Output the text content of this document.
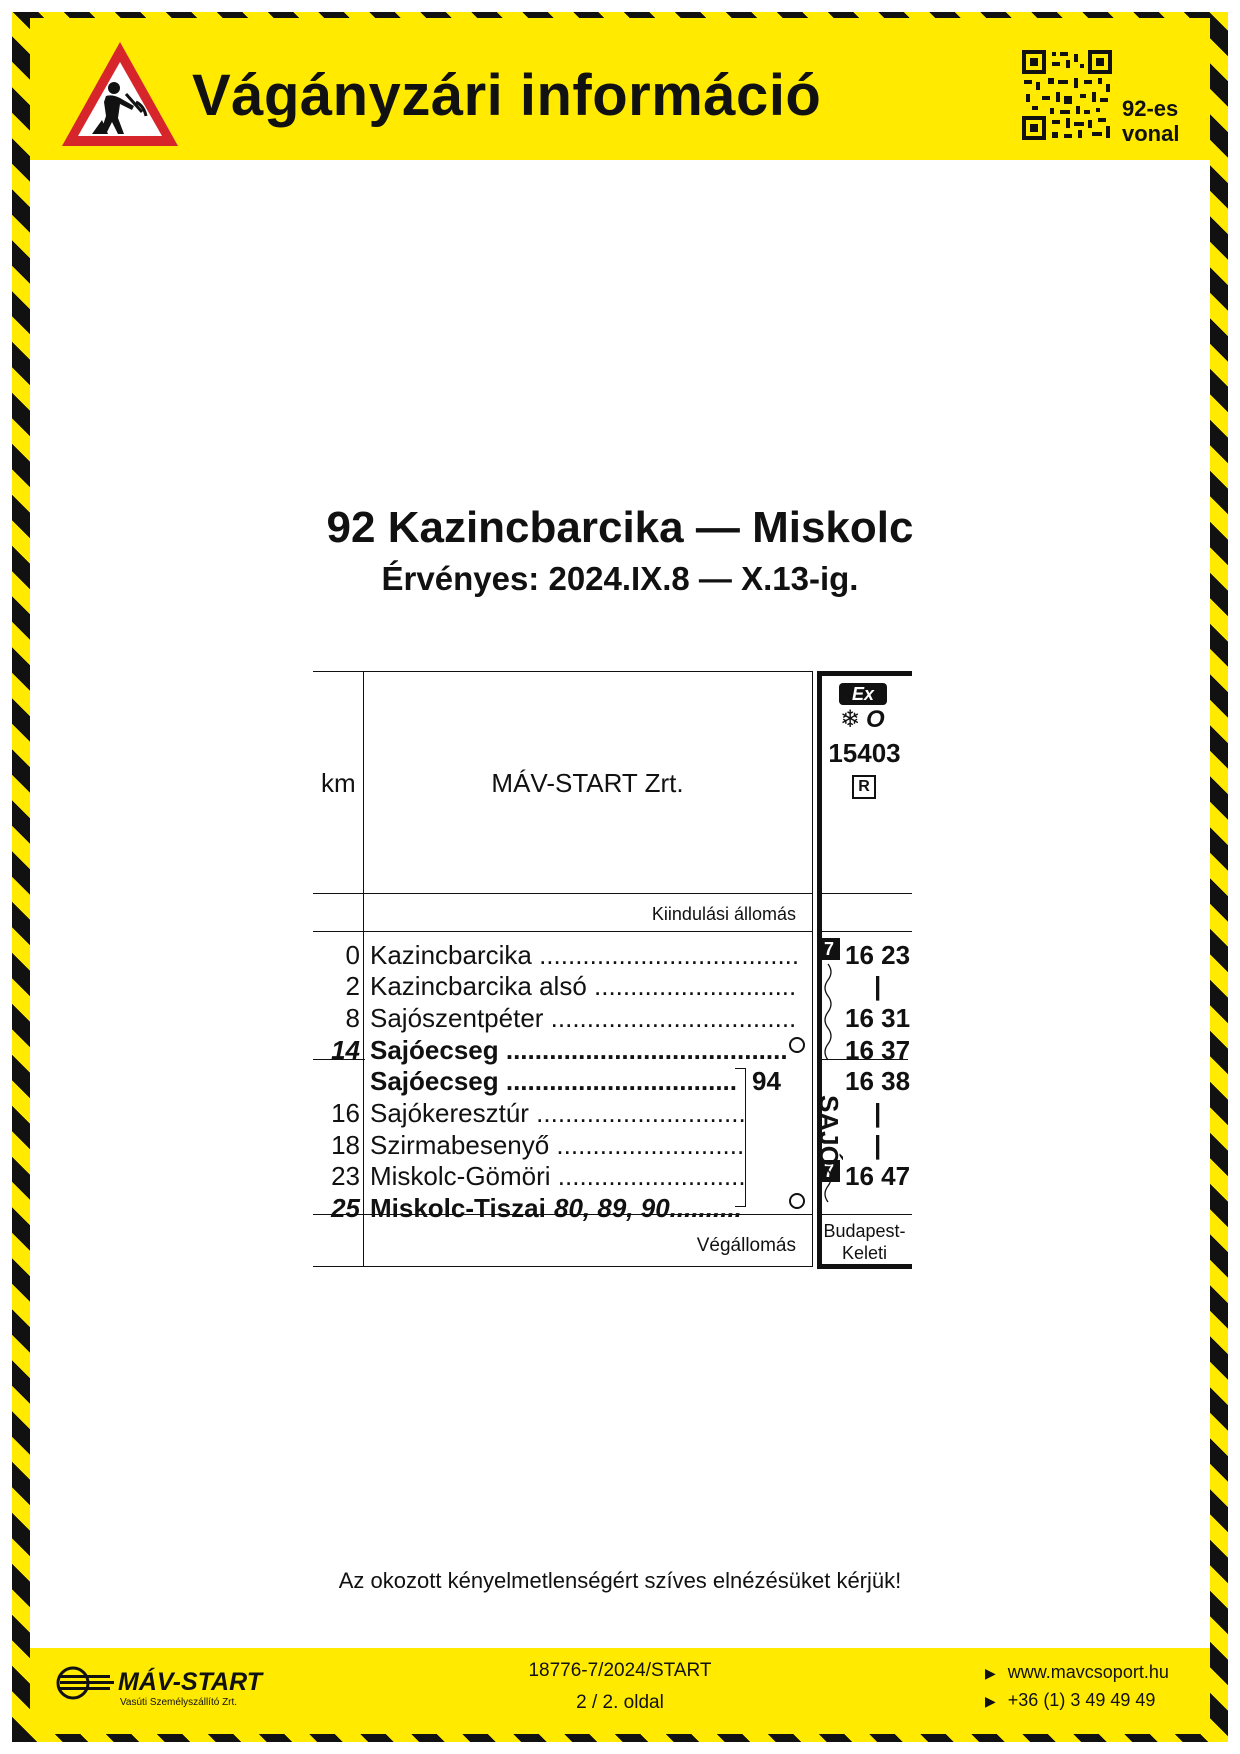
Vágányzári információ	92-es
vonal
92 Kazincbarcika — Miskolc
Érvényes: 2024.IX.8 — X.13-ig.
km	MÁV-START Zrt.
Kiindulási állomás
Ex
❄ O
15403
R
0
2
8
14
16
18
23
25
Kazincbarcika ....................................
Kazincbarcika alsó ............................
Sajószentpéter ..................................
Sajóecseg .......................................
Sajóecseg ................................
Sajókeresztúr .............................
Szirmabesenyő ..........................
Miskolc-Gömöri ..........................
Miskolc-Tiszai 80, 89, 90..........
94
7 16 23
|
16 31
16 37
16 38
|
|
7 16 47
SAJÓ
Végállomás
Budapest-
Keleti
Az okozott kényelmetlenségért szíves elnézésüket kérjük!
MÁV-START
Vasúti Személyszállító Zrt.
18776-7/2024/START
2 / 2. oldal
▶ www.mavcsoport.hu
▶ +36 (1) 3 49 49 49
